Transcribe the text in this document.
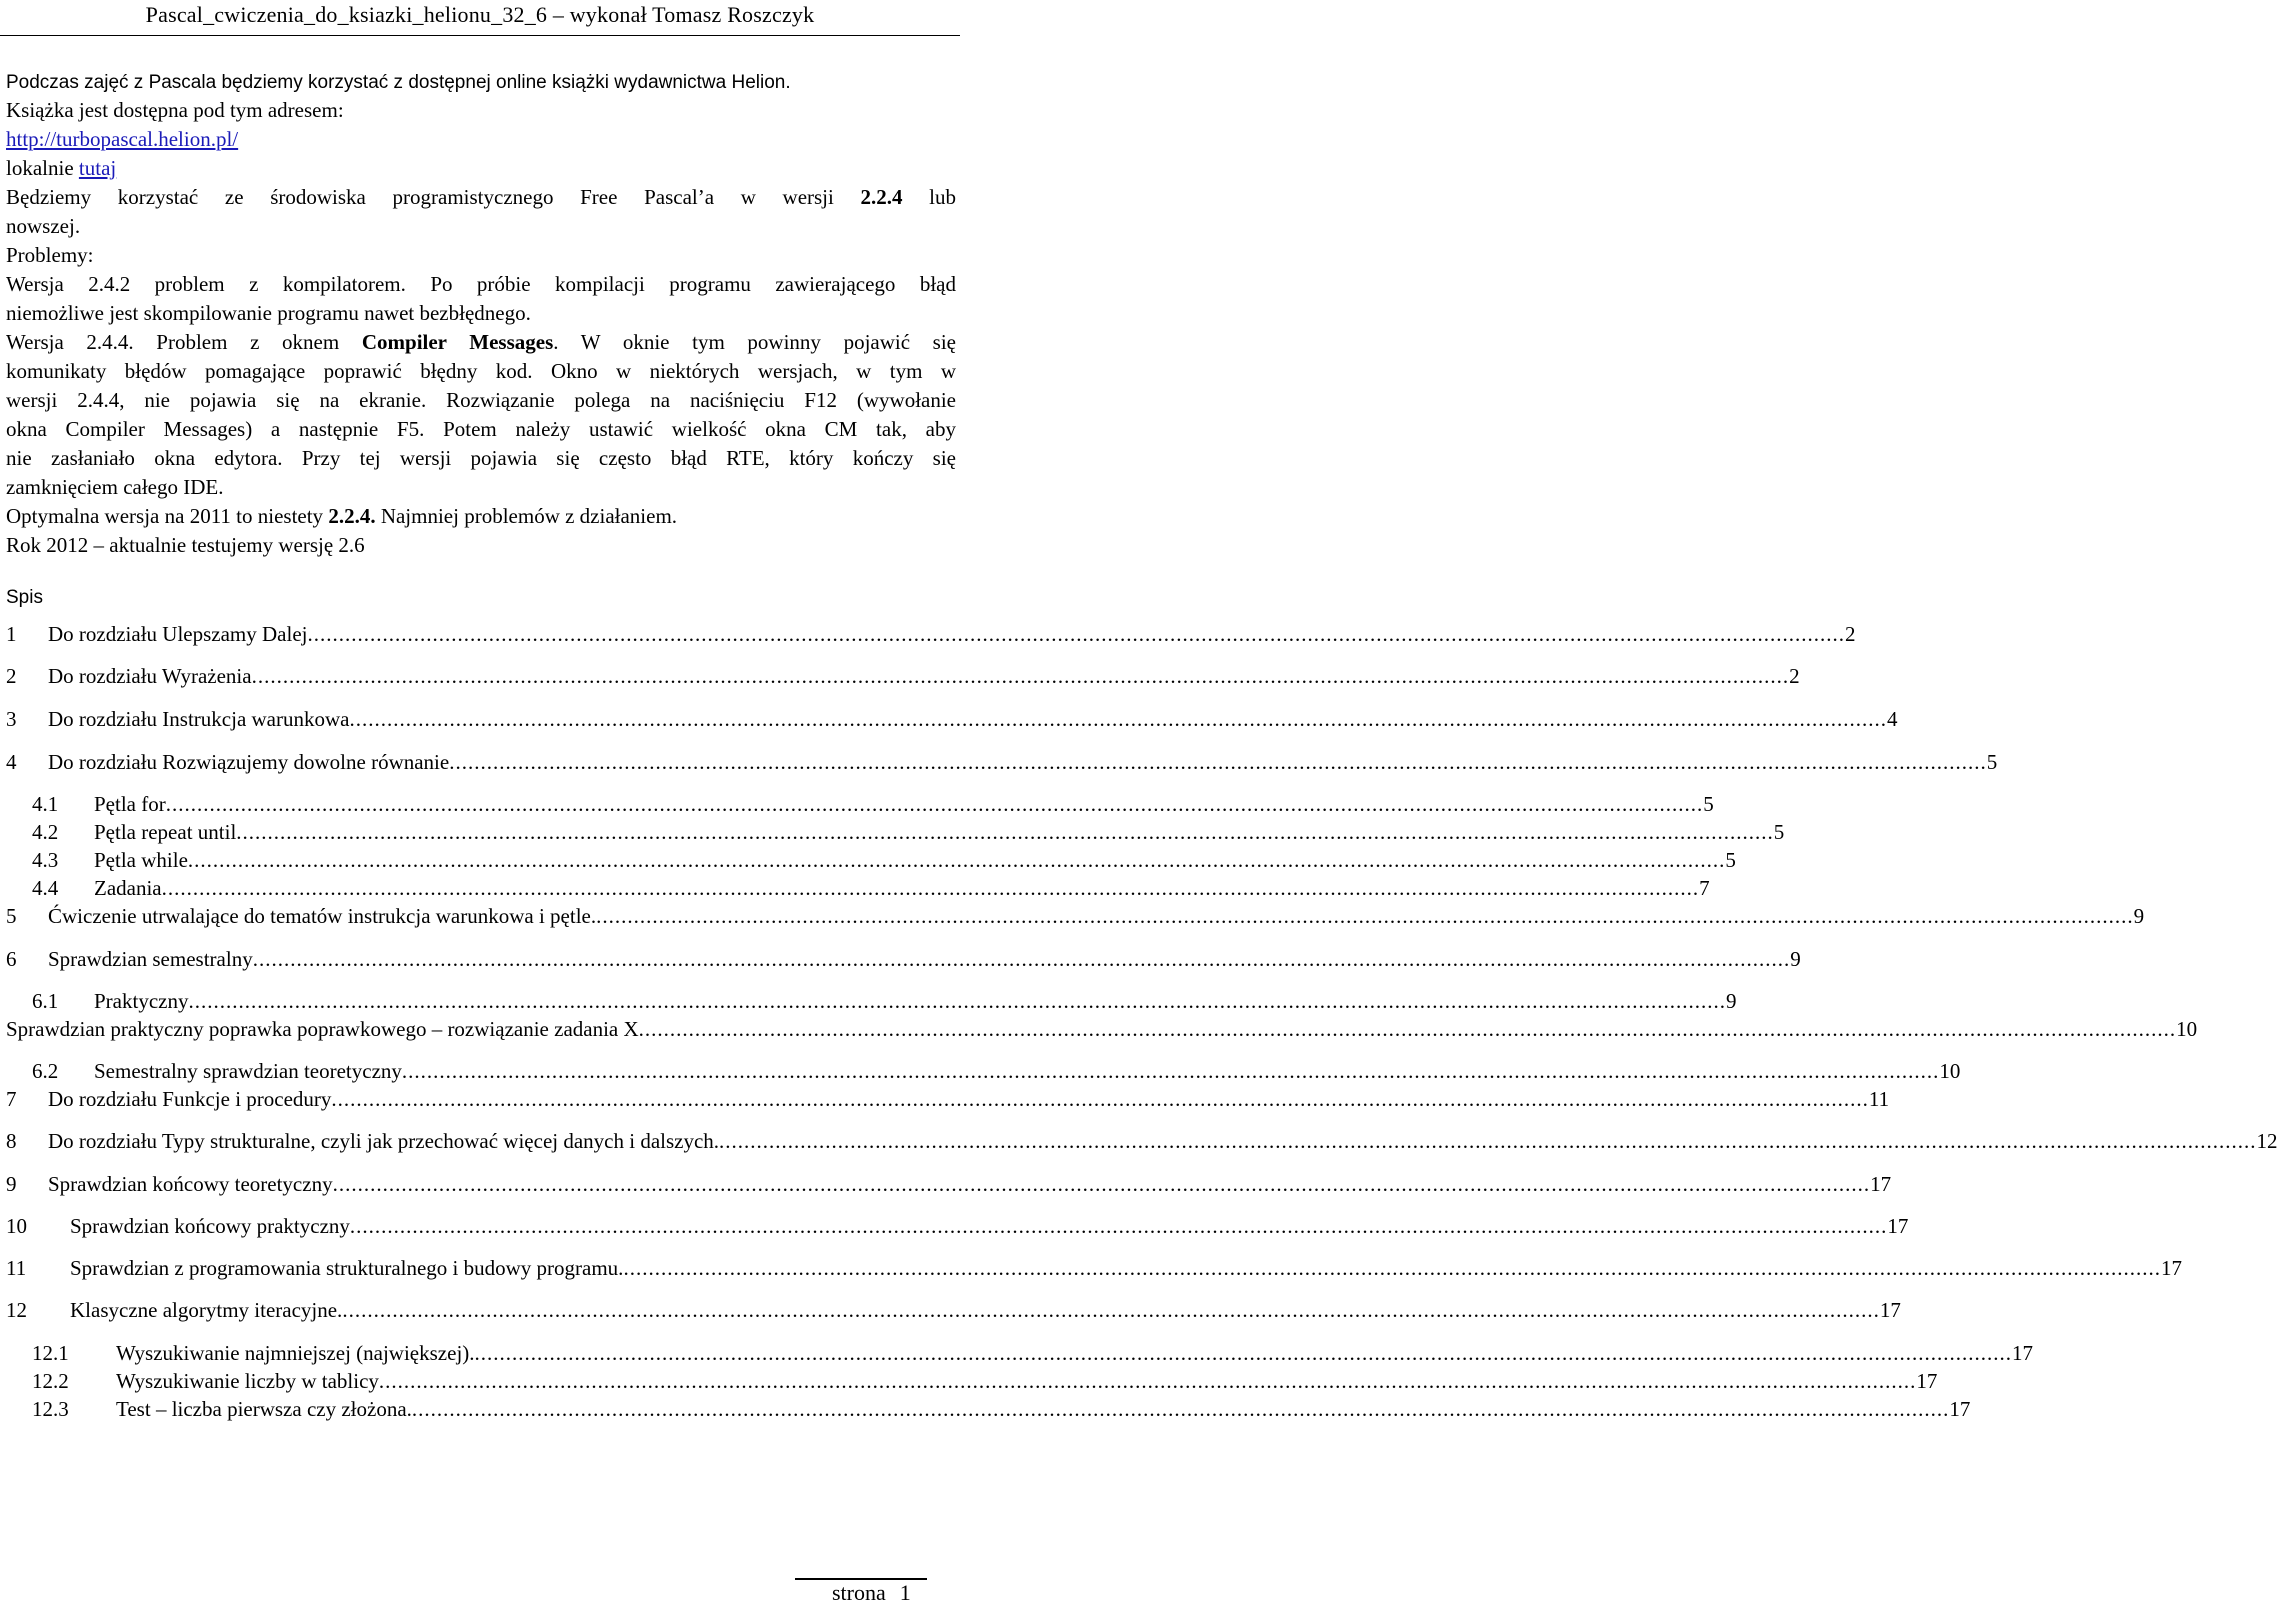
Pascal_cwiczenia_do_ksiazki_helionu_32_6 – wykonał Tomasz Roszczyk

Podczas zajęć z Pascala będziemy korzystać z dostępnej online książki wydawnictwa Helion.

Książka jest dostępna pod tym adresem:

http://turbopascal.helion.pl/

lokalnie tutaj

Będziemy korzystać ze środowiska programistycznego Free Pascal’a w wersji 2.2.4 lub

nowszej.

Problemy:

Wersja 2.4.2 problem z kompilatorem. Po próbie kompilacji programu zawierającego błąd

niemożliwe jest skompilowanie programu nawet bezbłędnego.

Wersja 2.4.4. Problem z oknem Compiler Messages. W oknie tym powinny pojawić się

komunikaty błędów pomagające poprawić błędny kod. Okno w niektórych wersjach, w tym w

wersji 2.4.4, nie pojawia się na ekranie. Rozwiązanie polega na naciśnięciu F12 (wywołanie

okna Compiler Messages) a następnie F5. Potem należy ustawić wielkość okna CM tak, aby

nie zasłaniało okna edytora. Przy tej wersji pojawia się często błąd RTE, który kończy się

zamknięciem całego IDE.

Optymalna wersja na 2011 to niestety 2.2.4. Najmniej problemów z działaniem.

Rok 2012 – aktualnie testujemy wersję 2.6

Spis
1	Do rozdziału Ulepszamy Dalej .....	2
2	Do rozdziału Wyrażenia .....	2
3	Do rozdziału Instrukcja warunkowa .....	4
4	Do rozdziału Rozwiązujemy dowolne równanie .....	5
4.1	Pętla for .....	5
4.2	Pętla repeat until .....	5
4.3	Pętla while .....	5
4.4	Zadania .....	7
5	Ćwiczenie utrwalające do tematów instrukcja warunkowa i pętle. .....	9
6	Sprawdzian semestralny .....	9
6.1	Praktyczny .....	9
Sprawdzian praktyczny poprawka poprawkowego – rozwiązanie zadania X .....	10
6.2	Semestralny sprawdzian teoretyczny .....	10
7	Do rozdziału Funkcje i procedury .....	11
8	Do rozdziału Typy strukturalne, czyli jak przechować więcej danych i dalszych. .....	12
9	Sprawdzian końcowy teoretyczny .....	17
10	Sprawdzian końcowy praktyczny .....	17
11	Sprawdzian z programowania strukturalnego i budowy programu. .....	17
12	Klasyczne algorytmy iteracyjne. .....	17
12.1	Wyszukiwanie najmniejszej (największej). .....	17
12.2	Wyszukiwanie liczby w tablicy .....	17
12.3	Test – liczba pierwsza czy złożona. .....	17
strona 1
